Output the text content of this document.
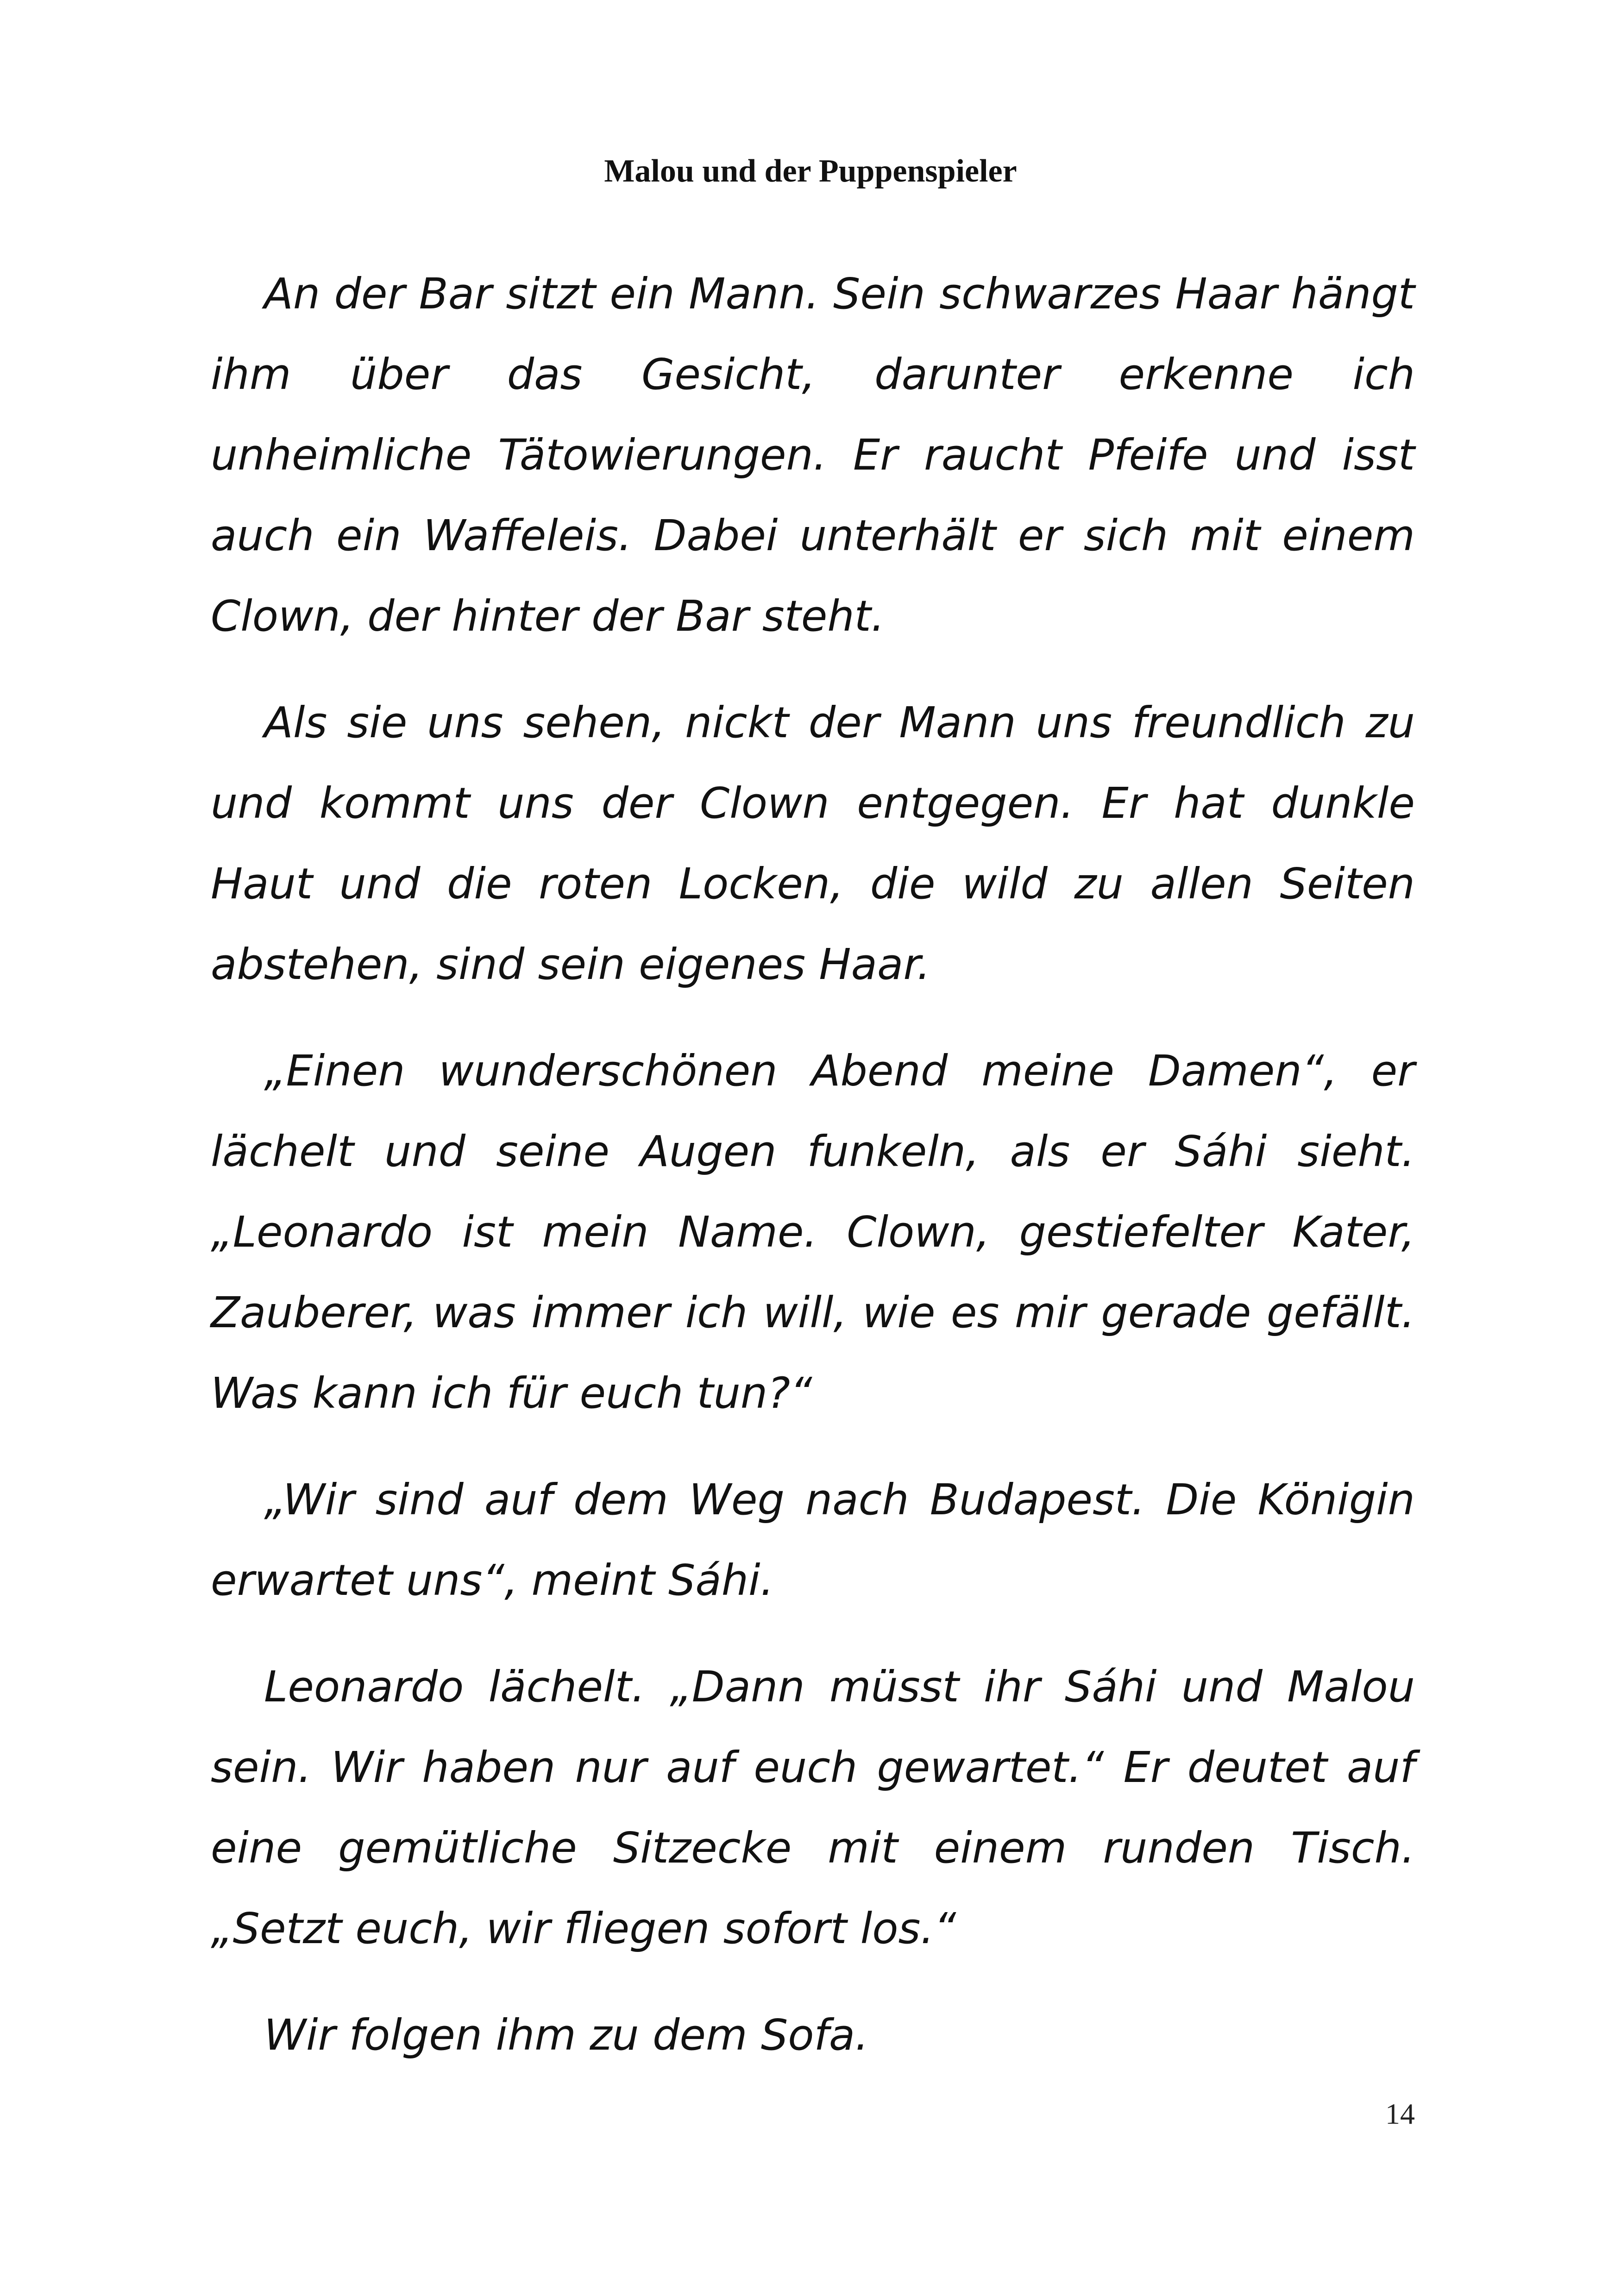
Malou und der Puppenspieler

An der Bar sitzt ein Mann. Sein schwarzes Haar hängt ihm über das Gesicht, darunter erkenne ich unheimliche Tätowierungen. Er raucht Pfeife und isst auch ein Waffeleis. Dabei unterhält er sich mit einem Clown, der hinter der Bar steht.

Als sie uns sehen, nickt der Mann uns freundlich zu und kommt uns der Clown entgegen. Er hat dunkle Haut und die roten Locken, die wild zu allen Seiten abstehen, sind sein eigenes Haar.

„Einen wunderschönen Abend meine Damen“, er lächelt und seine Augen funkeln, als er Sáhi sieht. „Leonardo ist mein Name. Clown, gestiefelter Kater, Zauberer, was immer ich will, wie es mir gerade gefällt. Was kann ich für euch tun?“

„Wir sind auf dem Weg nach Budapest. Die Königin erwartet uns“, meint Sáhi.

Leonardo lächelt. „Dann müsst ihr Sáhi und Malou sein. Wir haben nur auf euch gewartet.“ Er deutet auf eine gemütliche Sitzecke mit einem runden Tisch. „Setzt euch, wir fliegen sofort los.“

Wir folgen ihm zu dem Sofa.

14
